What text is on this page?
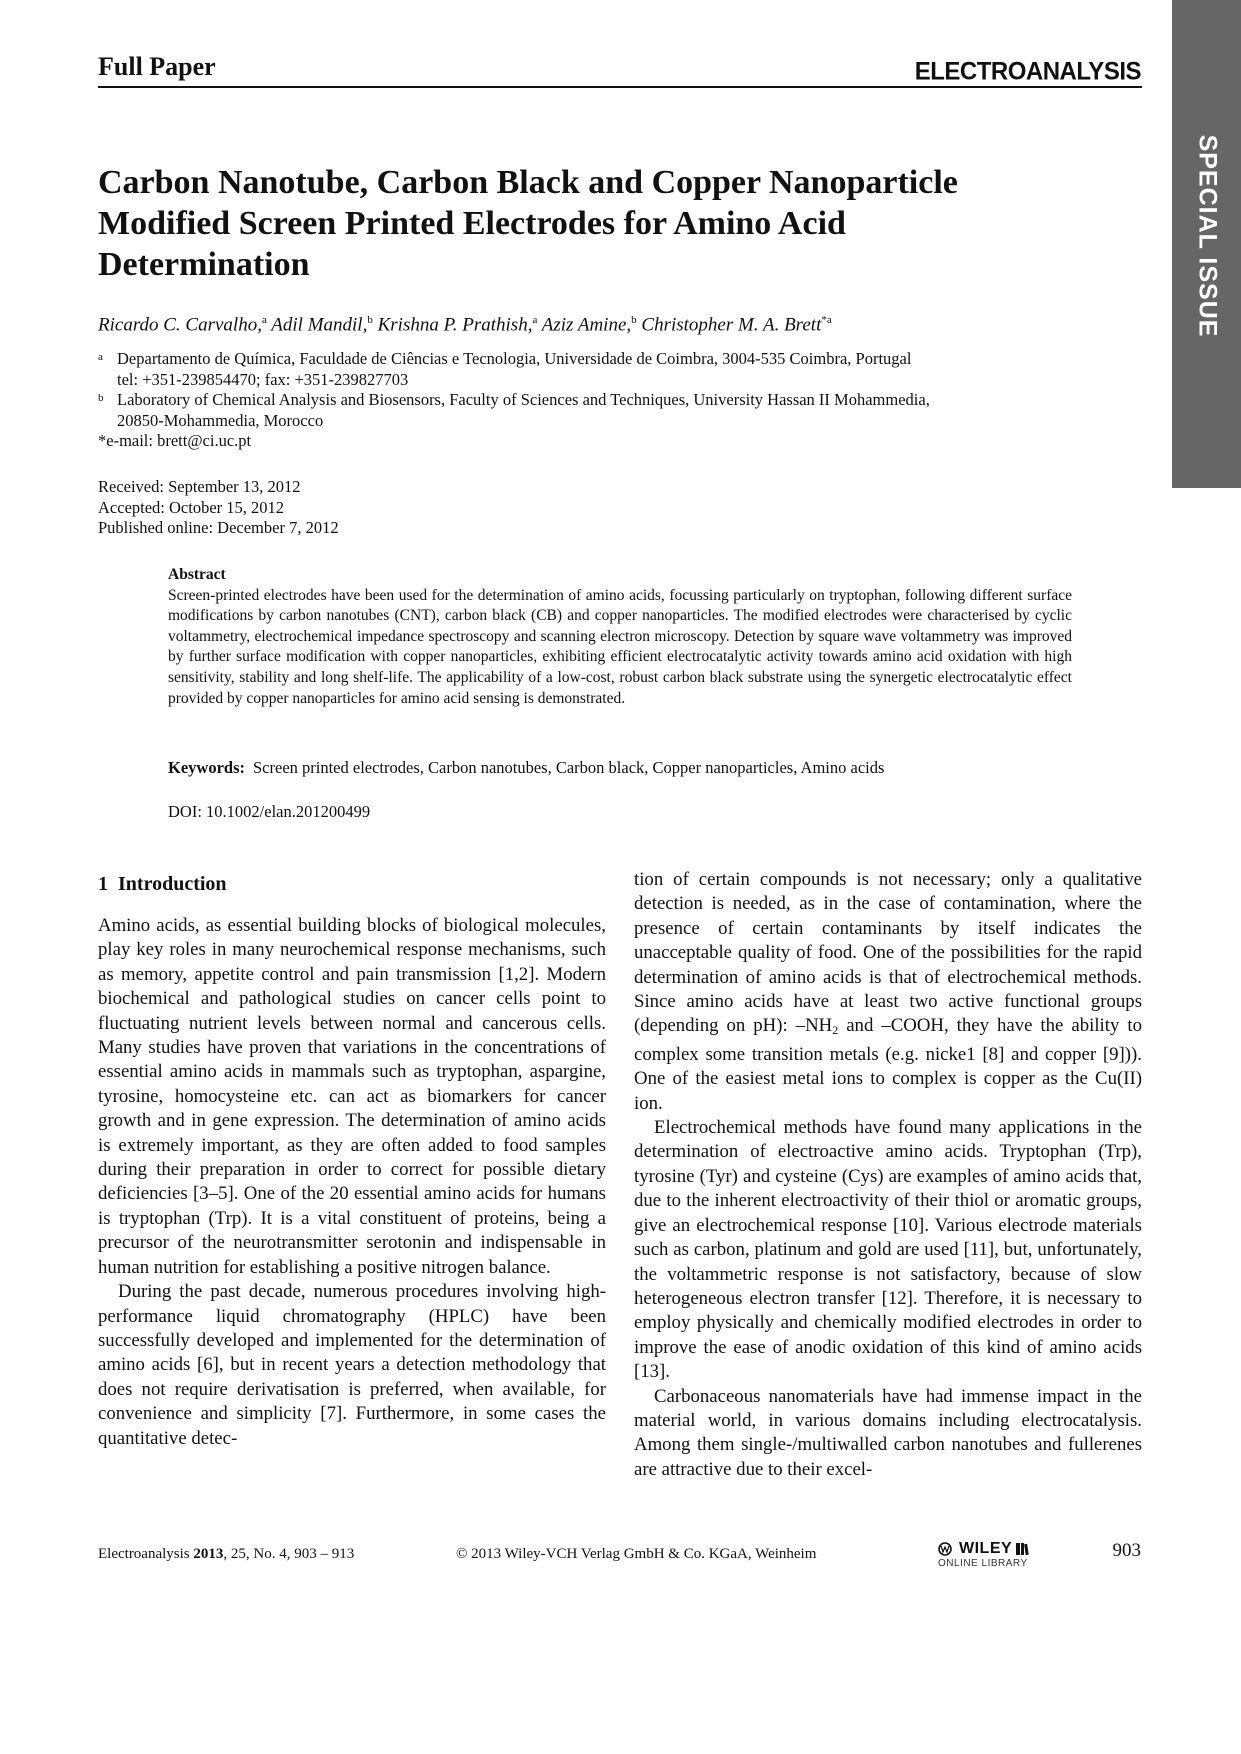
Full Paper	ELECTROANALYSIS
SPECIAL ISSUE
Carbon Nanotube, Carbon Black and Copper Nanoparticle
Modified Screen Printed Electrodes for Amino Acid
Determination
Ricardo C. Carvalho,$^a$ Adil Mandil,$^b$ Krishna P. Prathish,$^a$ Aziz Amine,$^b$ Christopher M. A. Brett$^{*a}$
a Departamento de Química, Faculdade de Ciências e Tecnologia, Universidade de Coimbra, 3004-535 Coimbra, Portugal
tel: +351-239854470; fax: +351-239827703
b Laboratory of Chemical Analysis and Biosensors, Faculty of Sciences and Techniques, University Hassan II Mohammedia,
20850-Mohammedia, Morocco
*e-mail: brett@ci.uc.pt
Received: September 13, 2012
Accepted: October 15, 2012
Published online: December 7, 2012
Abstract

Screen-printed electrodes have been used for the determination of amino acids, focussing particularly on tryptophan, following different surface modifications by carbon nanotubes (CNT), carbon black (CB) and copper nanoparticles. The modified electrodes were characterised by cyclic voltammetry, electrochemical impedance spectroscopy and scanning electron microscopy. Detection by square wave voltammetry was improved by further surface modification with copper nanoparticles, exhibiting efficient electrocatalytic activity towards amino acid oxidation with high sensitivity, stability and long shelf-life. The applicability of a low-cost, robust carbon black substrate using the synergetic electrocatalytic effect provided by copper nanoparticles for amino acid sensing is demonstrated.

Keywords: Screen printed electrodes, Carbon nanotubes, Carbon black, Copper nanoparticles, Amino acids
DOI: 10.1002/elan.201200499
1 Introduction

Amino acids, as essential building blocks of biological molecules, play key roles in many neurochemical response mechanisms, such as memory, appetite control and pain transmission [1,2]. Modern biochemical and pathological studies on cancer cells point to fluctuating nutrient levels between normal and cancerous cells. Many studies have proven that variations in the concentrations of essential amino acids in mammals such as tryptophan, aspargine, tyrosine, homocysteine etc. can act as biomarkers for cancer growth and in gene expression. The determination of amino acids is extremely important, as they are often added to food samples during their preparation in order to correct for possible dietary deficiencies [3–5]. One of the 20 essential amino acids for humans is tryptophan (Trp). It is a vital constituent of proteins, being a precursor of the neurotransmitter serotonin and indispensable in human nutrition for establishing a positive nitrogen balance.

During the past decade, numerous procedures involving high-performance liquid chromatography (HPLC) have been successfully developed and implemented for the determination of amino acids [6], but in recent years a detection methodology that does not require derivatisation is preferred, when available, for convenience and simplicity [7]. Furthermore, in some cases the quantitative detec-

tion of certain compounds is not necessary; only a qualitative detection is needed, as in the case of contamination, where the presence of certain contaminants by itself indicates the unacceptable quality of food. One of the possibilities for the rapid determination of amino acids is that of electrochemical methods. Since amino acids have at least two active functional groups (depending on pH): –NH2 and –COOH, they have the ability to complex some transition metals (e.g. nicke1 [8] and copper [9])). One of the easiest metal ions to complex is copper as the Cu(II) ion.

Electrochemical methods have found many applications in the determination of electroactive amino acids. Tryptophan (Trp), tyrosine (Tyr) and cysteine (Cys) are examples of amino acids that, due to the inherent electroactivity of their thiol or aromatic groups, give an electrochemical response [10]. Various electrode materials such as carbon, platinum and gold are used [11], but, unfortunately, the voltammetric response is not satisfactory, because of slow heterogeneous electron transfer [12]. Therefore, it is necessary to employ physically and chemically modified electrodes in order to improve the ease of anodic oxidation of this kind of amino acids [13].

Carbonaceous nanomaterials have had immense impact in the material world, in various domains including electrocatalysis. Among them single-/multiwalled carbon nanotubes and fullerenes are attractive due to their excel-

Electroanalysis 2013, 25, No. 4, 903 – 913	© 2013 Wiley-VCH Verlag GmbH & Co. KGaA, Weinheim	WILEY
ONLINE LIBRARY
903
